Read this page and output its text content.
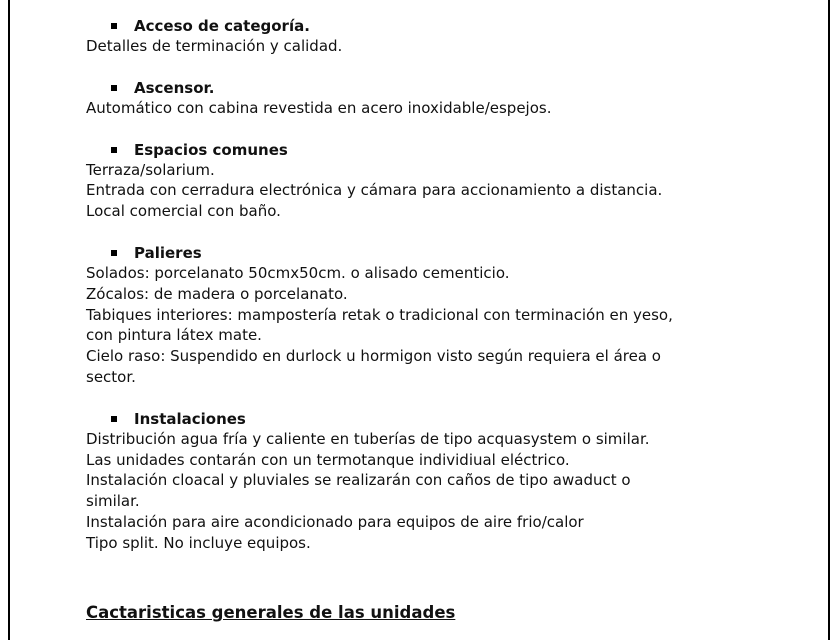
Acceso de categoría.
Detalles de terminación y calidad.
Ascensor.
Automático con cabina revestida en acero inoxidable/espejos.
Espacios comunes
Terraza/solarium.
Entrada con cerradura electrónica y cámara para accionamiento a distancia.
Local comercial con baño.
Palieres
Solados: porcelanato 50cmx50cm. o alisado cementicio.
Zócalos: de madera o porcelanato.
Tabiques interiores: mampostería retak o tradicional con terminación en yeso,
con pintura látex mate.
Cielo raso: Suspendido en durlock u hormigon visto según requiera el área o
sector.
Instalaciones
Distribución agua fría y caliente en tuberías de tipo acquasystem o similar.
Las unidades contarán con un termotanque individiual eléctrico.
Instalación cloacal y pluviales se realizarán con caños de tipo awaduct o
similar.
Instalación para aire acondicionado para equipos de aire frio/calor
Tipo split. No incluye equipos.
Cactaristicas generales de las unidades
